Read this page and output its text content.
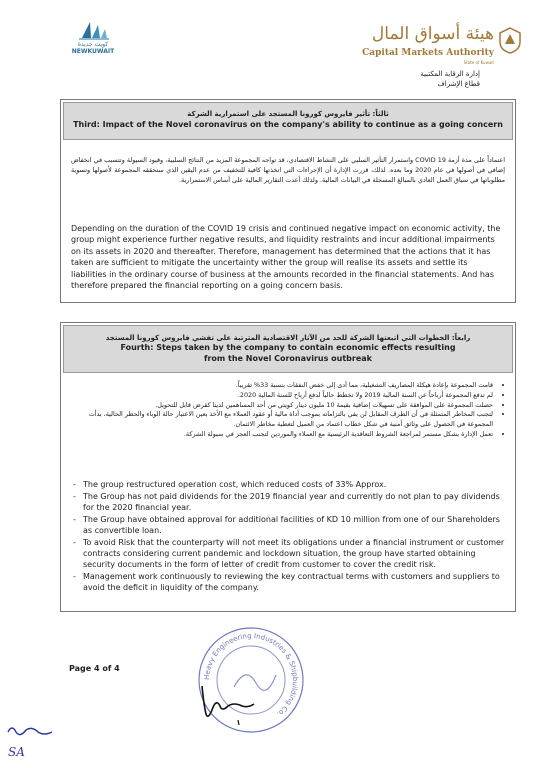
كويت جديدة
NEWKUWAIT
هيئة أسواق المال
Capital Markets Authority
State of Kuwait
إدارة الرقابة المكتبية
قطاع الإشراف
ثالثاً: تأثير فايروس كورونا المستجد على استمرارية الشركة
Third: Impact of the Novel coronavirus on the company's ability to continue as a going concern
اعتماداً على مدة أزمة COVID 19 واستمرار التأثير السلبي على النشاط الاقتصادي، قد تواجه المجموعة المزيد من النتائج السلبية، وقيود السيولة وتتسبب في انخفاض إضافي في أصولها في عام 2020 وما بعده. لذلك، قررت الإدارة أن الإجراءات التي اتخذتها كافية للتخفيف من عدم اليقين الذي ستحققه المجموعة لأصولها وتسوية مطلوباتها في سياق العمل العادي بالمبالغ المسجلة في البيانات المالية. ولذلك أعدت التقارير المالية على أساس الاستمرارية.
Depending on the duration of the COVID 19 crisis and continued negative impact on economic activity, the group might experience further negative results, and liquidity restraints and incur additional impairments on its assets in 2020 and thereafter. Therefore, management has determined that the actions that it has taken are sufficient to mitigate the uncertainty wither the group will realise its assets and settle its liabilities in the ordinary course of business at the amounts recorded in the financial statements. And has therefore prepared the financial reporting on a going concern basis.
رابعاً: الخطوات التي اتبعتها الشركة للحد من الآثار الاقتصادية المترتبة على تفشي فايروس كورونا المستجد
Fourth: Steps taken by the company to contain economic effects resulting
from the Novel Coronavirus outbreak
• قامت المجموعة بإعادة هيكلة المصاريف التشغيلية، مما أدى إلى خفض النفقات بنسبة 33% تقريباً.
• لم تدفع المجموعة أرباحاً عن السنة المالية 2019 ولا تخطط حالياً لدفع أرباح للسنة المالية 2020.
• حصلت المجموعة على الموافقة على تسهيلات إضافية بقيمة 10 مليون دينار كويتي من أحد المساهمين لدينا كقرض قابل للتحويل.
• لتجنب المخاطر المتمثلة في أن الطرف المقابل لن يفي بالتزاماته بموجب أداة مالية أو عقود العملاء مع الأخذ بعين الاعتبار حالة الوباء والحظر الحالية، بدأت المجموعة في الحصول على وثائق أمنية في شكل خطاب اعتماد من العميل لتغطية مخاطر الائتمان.
• تعمل الإدارة بشكل مستمر لمراجعة الشروط التعاقدية الرئيسية مع العملاء والموردين لتجنب العجز في سيولة الشركة.
- The group restructured operation cost, which reduced costs of 33% Approx.
- The Group has not paid dividends for the 2019 financial year and currently do not plan to pay dividends for the 2020 financial year.
- The Group have obtained approval for additional facilities of KD 10 million from one of our Shareholders as convertible loan.
- To avoid Risk that the counterparty will not meet its obligations under a financial instrument or customer contracts considering current pandemic and lockdown situation, the group have started obtaining security documents in the form of letter of credit from customer to cover the credit risk.
- Management work continuously to reviewing the key contractual terms with customers and suppliers to avoid the deficit in liquidity of the company.
Page 4 of 4
Heavy Engineering Industries & Shipbuilding Co.
SA
